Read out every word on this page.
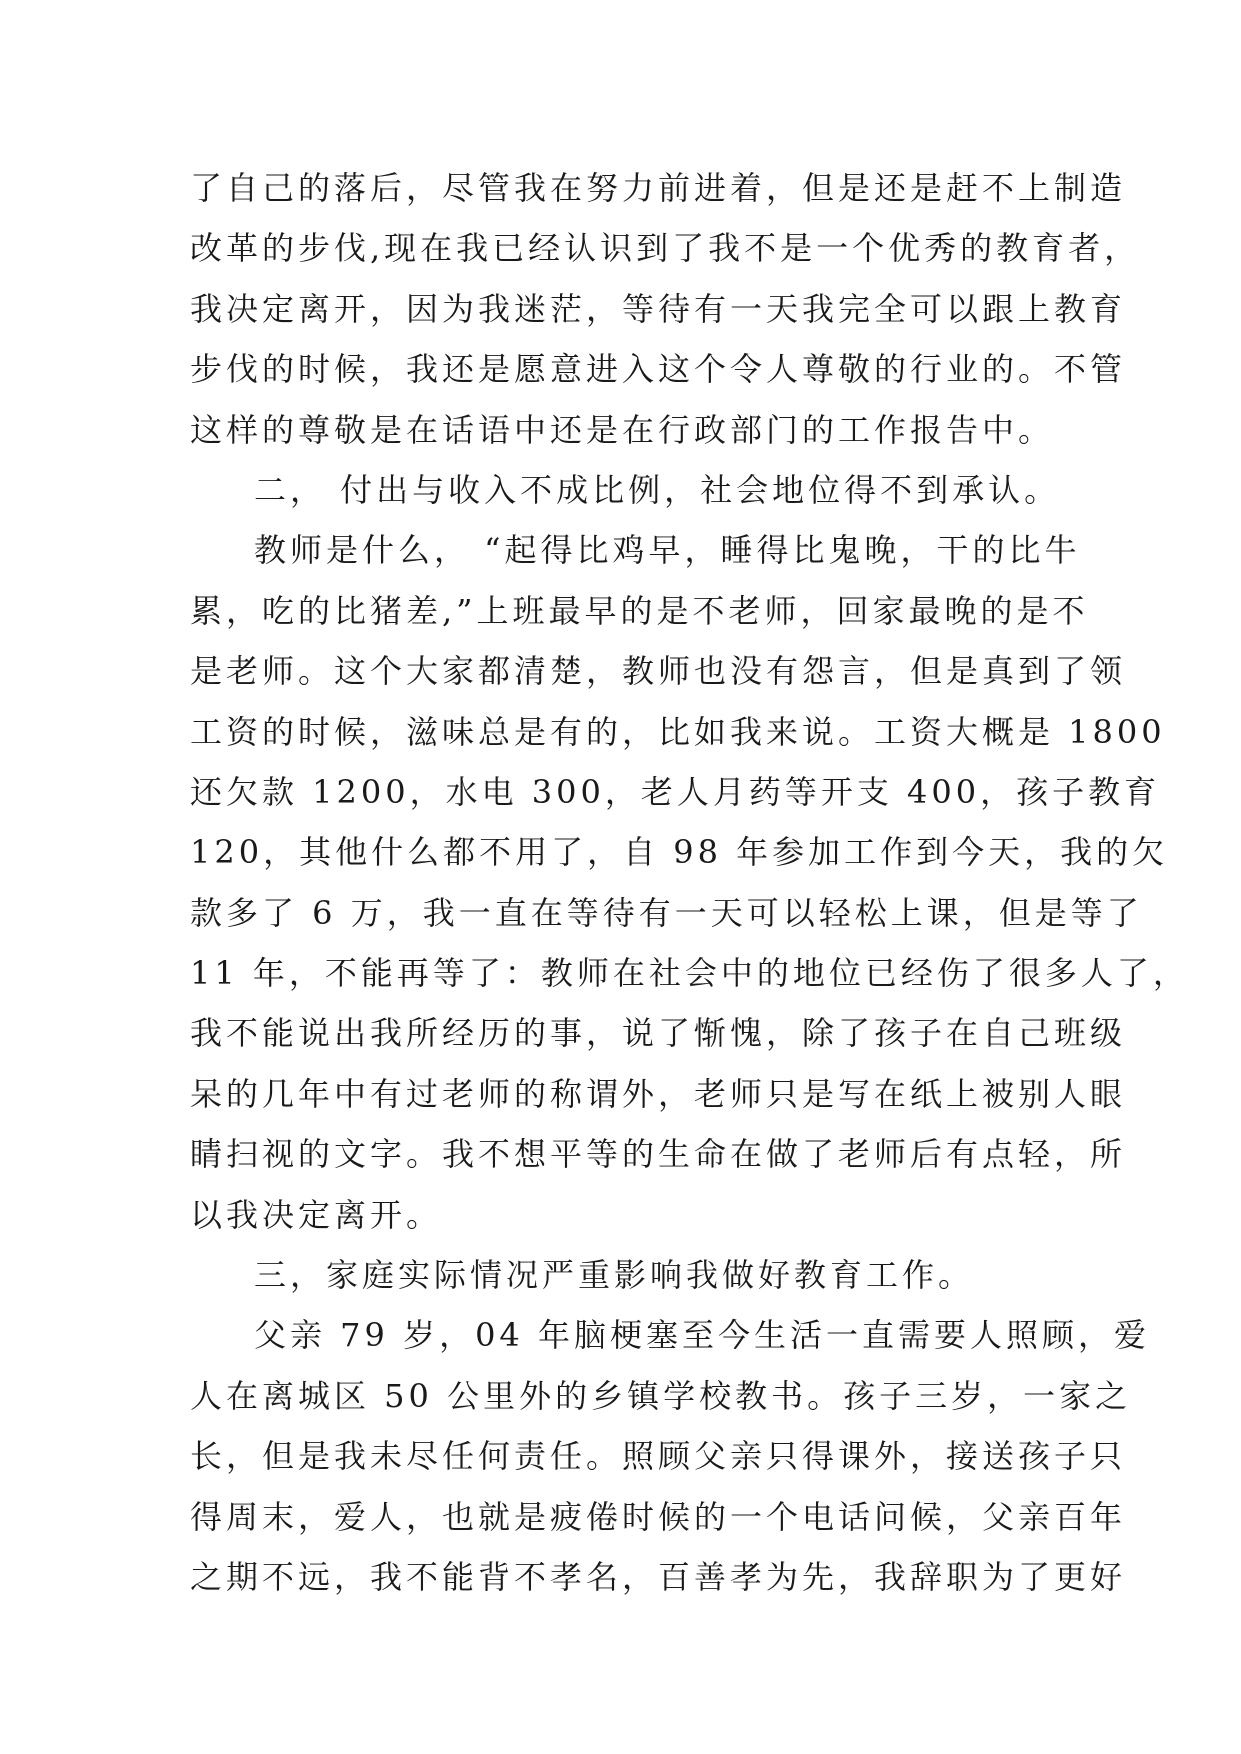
了自己的落后，尽管我在努力前进着，但是还是赶不上制造
改革的步伐,现在我已经认识到了我不是一个优秀的教育者，
我决定离开，因为我迷茫，等待有一天我完全可以跟上教育
步伐的时候，我还是愿意进入这个令人尊敬的行业的。不管
这样的尊敬是在话语中还是在行政部门的工作报告中。
二， 付出与收入不成比例，社会地位得不到承认。
教师是什么， “起得比鸡早，睡得比鬼晚，干的比牛
累，吃的比猪差,”上班最早的是不老师，回家最晚的是不
是老师。这个大家都清楚，教师也没有怨言，但是真到了领
工资的时候，滋味总是有的，比如我来说。工资大概是 1800
还欠款 1200，水电 300，老人月药等开支 400，孩子教育
120，其他什么都不用了，自 98 年参加工作到今天，我的欠
款多了 6 万，我一直在等待有一天可以轻松上课，但是等了
11 年，不能再等了：教师在社会中的地位已经伤了很多人了，
我不能说出我所经历的事，说了惭愧，除了孩子在自己班级
呆的几年中有过老师的称谓外，老师只是写在纸上被别人眼
睛扫视的文字。我不想平等的生命在做了老师后有点轻，所
以我决定离开。
三，家庭实际情况严重影响我做好教育工作。
父亲 79 岁，04 年脑梗塞至今生活一直需要人照顾，爱
人在离城区 50 公里外的乡镇学校教书。孩子三岁，一家之
长，但是我未尽任何责任。照顾父亲只得课外，接送孩子只
得周末，爱人，也就是疲倦时候的一个电话问候，父亲百年
之期不远，我不能背不孝名，百善孝为先，我辞职为了更好
